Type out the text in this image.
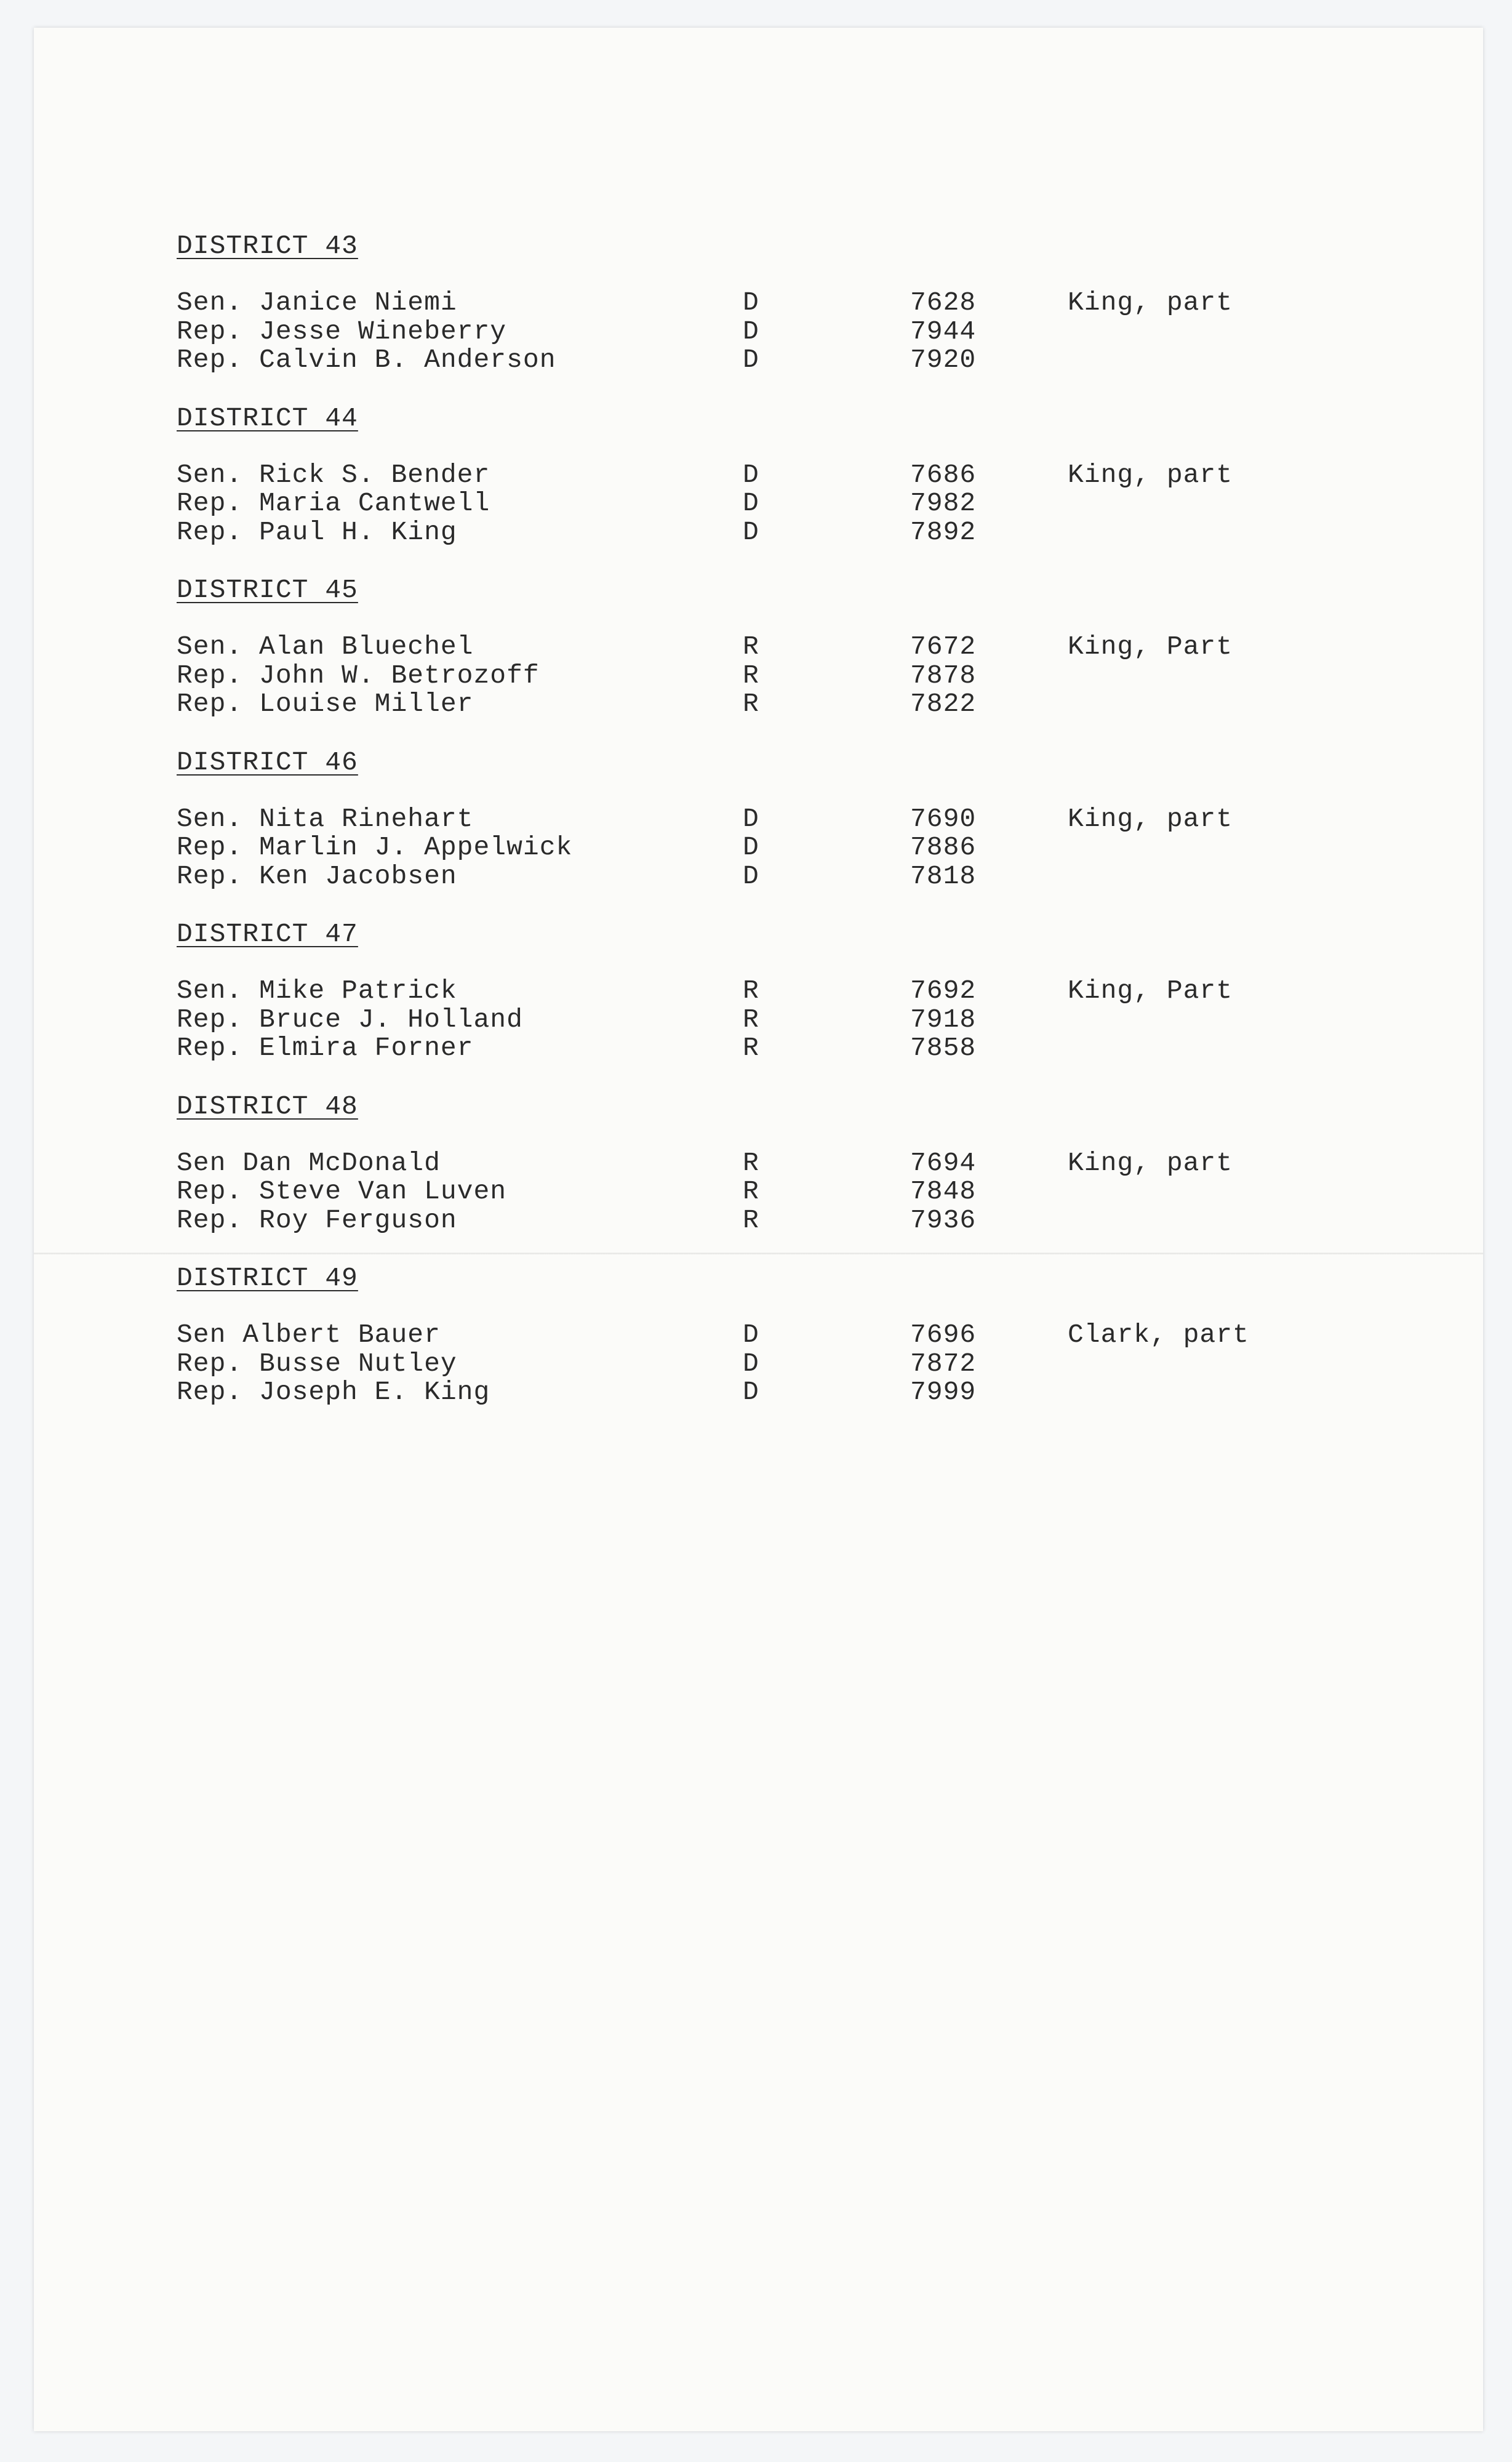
DISTRICT 43
Sen. Janice Niemi	D	7628	King, part
Rep. Jesse Wineberry	D	7944
Rep. Calvin B. Anderson	D	7920
DISTRICT 44
Sen. Rick S. Bender	D	7686	King, part
Rep. Maria Cantwell	D	7982
Rep. Paul H. King	D	7892
DISTRICT 45
Sen. Alan Bluechel	R	7672	King, Part
Rep. John W. Betrozoff	R	7878
Rep. Louise Miller	R	7822
DISTRICT 46
Sen. Nita Rinehart	D	7690	King, part
Rep. Marlin J. Appelwick	D	7886
Rep. Ken Jacobsen	D	7818
DISTRICT 47
Sen. Mike Patrick	R	7692	King, Part
Rep. Bruce J. Holland	R	7918
Rep. Elmira Forner	R	7858
DISTRICT 48
Sen Dan McDonald	R	7694	King, part
Rep. Steve Van Luven	R	7848
Rep. Roy Ferguson	R	7936
DISTRICT 49
Sen Albert Bauer	D	7696	Clark, part
Rep. Busse Nutley	D	7872
Rep. Joseph E. King	D	7999
